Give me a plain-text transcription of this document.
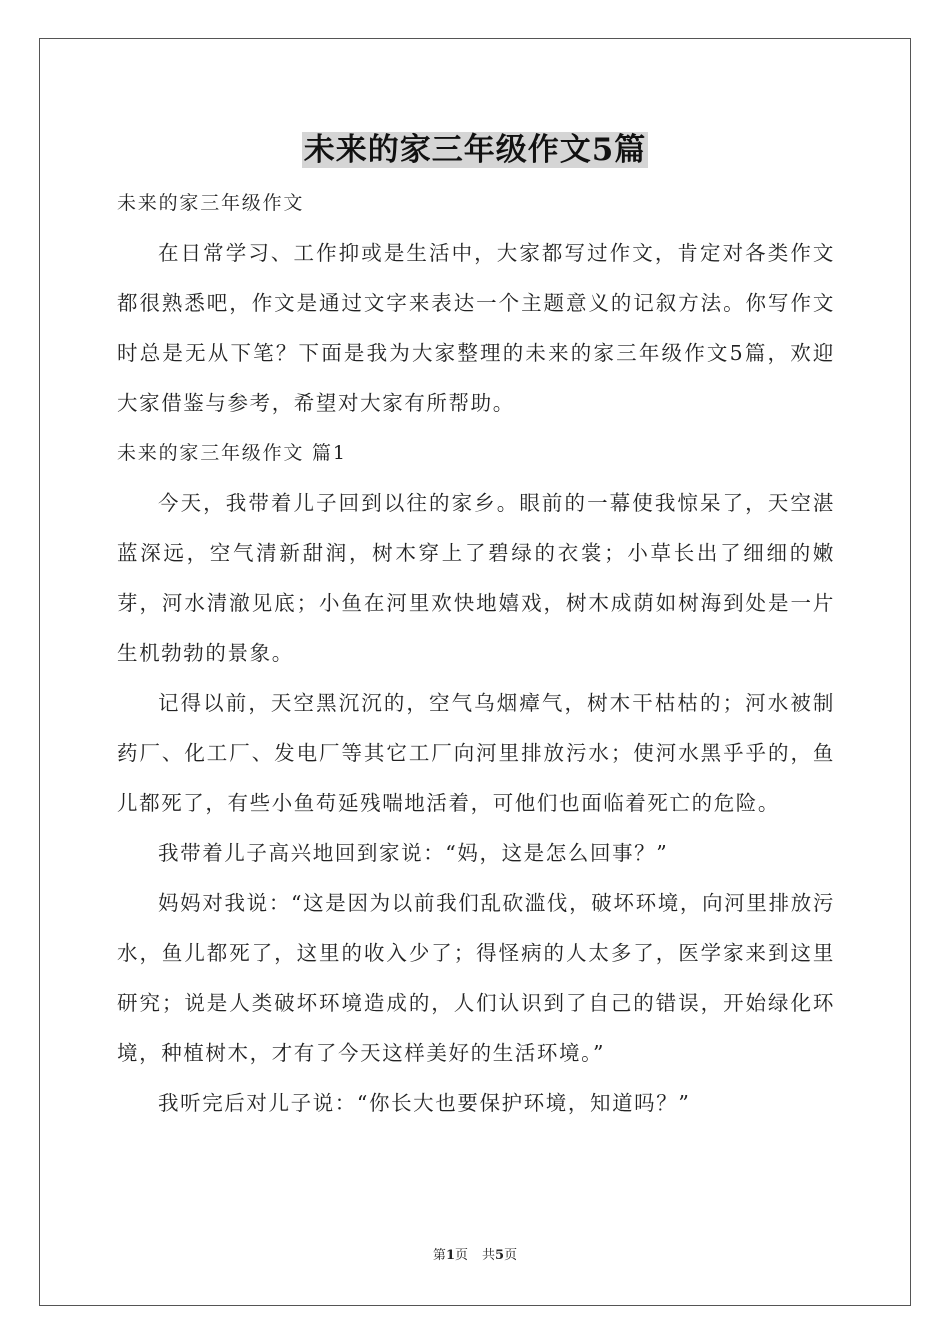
未来的家三年级作文5篇

未来的家三年级作文

在日常学习、工作抑或是生活中，大家都写过作文，肯定对各类作文都很熟悉吧，作文是通过文字来表达一个主题意义的记叙方法。你写作文时总是无从下笔？下面是我为大家整理的未来的家三年级作文5篇，欢迎大家借鉴与参考，希望对大家有所帮助。

未来的家三年级作文 篇1

今天，我带着儿子回到以往的家乡。眼前的一幕使我惊呆了，天空湛蓝深远，空气清新甜润，树木穿上了碧绿的衣裳；小草长出了细细的嫩芽，河水清澈见底；小鱼在河里欢快地嬉戏，树木成荫如树海到处是一片生机勃勃的景象。

记得以前，天空黑沉沉的，空气乌烟瘴气，树木干枯枯的；河水被制药厂、化工厂、发电厂等其它工厂向河里排放污水；使河水黑乎乎的，鱼儿都死了，有些小鱼苟延残喘地活着，可他们也面临着死亡的危险。

我带着儿子高兴地回到家说：“妈，这是怎么回事？”

妈妈对我说：“这是因为以前我们乱砍滥伐，破坏环境，向河里排放污水，鱼儿都死了，这里的收入少了；得怪病的人太多了，医学家来到这里研究；说是人类破坏环境造成的，人们认识到了自己的错误，开始绿化环境，种植树木，才有了今天这样美好的生活环境。”

我听完后对儿子说：“你长大也要保护环境，知道吗？”

第1页 共5页
